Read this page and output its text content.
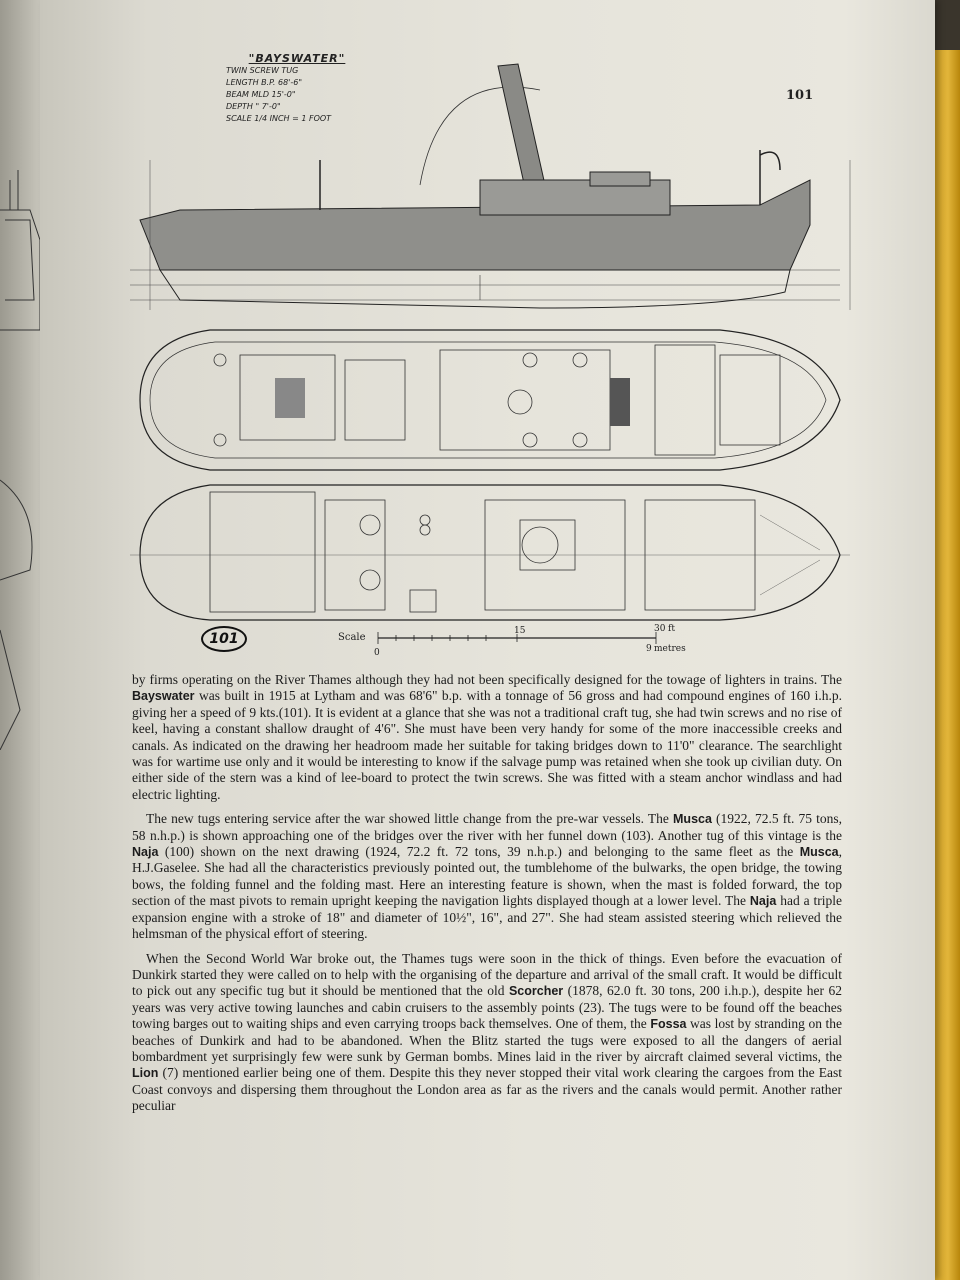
"BAYSWATER"
TWIN SCREW TUG
LENGTH B.P. 68'-6"
BEAM MLD 15'-0"
DEPTH " 7'-0"
SCALE 1/4 INCH = 1 FOOT
101
101	Scale
15	30 ft
0	9 metres

by firms operating on the River Thames although they had not been specifically designed for the towage of lighters in trains. The Bayswater was built in 1915 at Lytham and was 68'6" b.p. with a tonnage of 56 gross and had compound engines of 160 i.h.p. giving her a speed of 9 kts.(101). It is evident at a glance that she was not a traditional craft tug, she had twin screws and no rise of keel, having a constant shallow draught of 4'6". She must have been very handy for some of the more inaccessible creeks and canals. As indicated on the drawing her headroom made her suitable for taking bridges down to 11'0" clearance. The searchlight was for wartime use only and it would be interesting to know if the salvage pump was retained when she took up civilian duty. On either side of the stern was a kind of lee-board to protect the twin screws. She was fitted with a steam anchor windlass and had electric lighting.

The new tugs entering service after the war showed little change from the pre-war vessels. The Musca (1922, 72.5 ft. 75 tons, 58 n.h.p.) is shown approaching one of the bridges over the river with her funnel down (103). Another tug of this vintage is the Naja (100) shown on the next drawing (1924, 72.2 ft. 72 tons, 39 n.h.p.) and belonging to the same fleet as the Musca, H.J.Gaselee. She had all the characteristics previously pointed out, the tumblehome of the bulwarks, the open bridge, the towing bows, the folding funnel and the folding mast. Here an interesting feature is shown, when the mast is folded forward, the top section of the mast pivots to remain upright keeping the navigation lights displayed though at a lower level. The Naja had a triple expansion engine with a stroke of 18" and diameter of 10½", 16", and 27". She had steam assisted steering which relieved the helmsman of the physical effort of steering.

When the Second World War broke out, the Thames tugs were soon in the thick of things. Even before the evacuation of Dunkirk started they were called on to help with the organising of the departure and arrival of the small craft. It would be difficult to pick out any specific tug but it should be mentioned that the old Scorcher (1878, 62.0 ft. 30 tons, 200 i.h.p.), despite her 62 years was very active towing launches and cabin cruisers to the assembly points (23). The tugs were to be found off the beaches towing barges out to waiting ships and even carrying troops back themselves. One of them, the Fossa was lost by stranding on the beaches of Dunkirk and had to be abandoned. When the Blitz started the tugs were exposed to all the dangers of aerial bombardment yet surprisingly few were sunk by German bombs. Mines laid in the river by aircraft claimed several victims, the Lion (7) mentioned earlier being one of them. Despite this they never stopped their vital work clearing the cargoes from the East Coast convoys and dispersing them throughout the London area as far as the rivers and the canals would permit. Another rather peculiar
